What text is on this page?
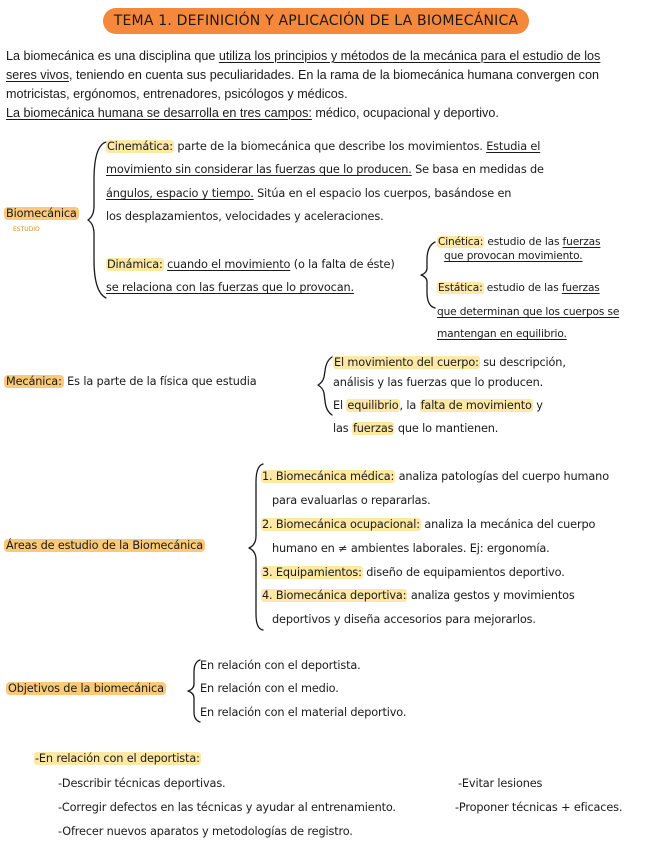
TEMA 1. DEFINICIÓN Y APLICACIÓN DE LA BIOMECÁNICA
La biomecánica es una disciplina que utiliza los principios y métodos de la mecánica para el estudio de los
seres vivos, teniendo en cuenta sus peculiaridades. En la rama de la biomecánica humana convergen con
motricistas, ergónomos, entrenadores, psicólogos y médicos.
La biomecánica humana se desarrolla en tres campos: médico, ocupacional y deportivo.
Biomecánica
ESTUDIO
Cinemática: parte de la biomecánica que describe los movimientos. Estudia el
movimiento sin considerar las fuerzas que lo producen. Se basa en medidas de
ángulos, espacio y tiempo. Sitúa en el espacio los cuerpos, basándose en
los desplazamientos, velocidades y aceleraciones.
Dinámica: cuando el movimiento (o la falta de éste)
se relaciona con las fuerzas que lo provocan.
Cinética: estudio de las fuerzas
que provocan movimiento.
Estática: estudio de las fuerzas
que determinan que los cuerpos se
mantengan en equilibrio.
Mecánica: Es la parte de la física que estudia
El movimiento del cuerpo: su descripción,
análisis y las fuerzas que lo producen.
El equilibrio, la falta de movimiento y
las fuerzas que lo mantienen.
Áreas de estudio de la Biomecánica
1. Biomecánica médica: analiza patologías del cuerpo humano
para evaluarlas o repararlas.
2. Biomecánica ocupacional: analiza la mecánica del cuerpo
humano en ≠ ambientes laborales. Ej: ergonomía.
3. Equipamientos: diseño de equipamientos deportivo.
4. Biomecánica deportiva: analiza gestos y movimientos
deportivos y diseña accesorios para mejorarlos.
Objetivos de la biomecánica
En relación con el deportista.
En relación con el medio.
En relación con el material deportivo.
-En relación con el deportista:
-Describir técnicas deportivas.
-Corregir defectos en las técnicas y ayudar al entrenamiento.
-Ofrecer nuevos aparatos y metodologías de registro.
-Evitar lesiones
-Proponer técnicas + eficaces.
